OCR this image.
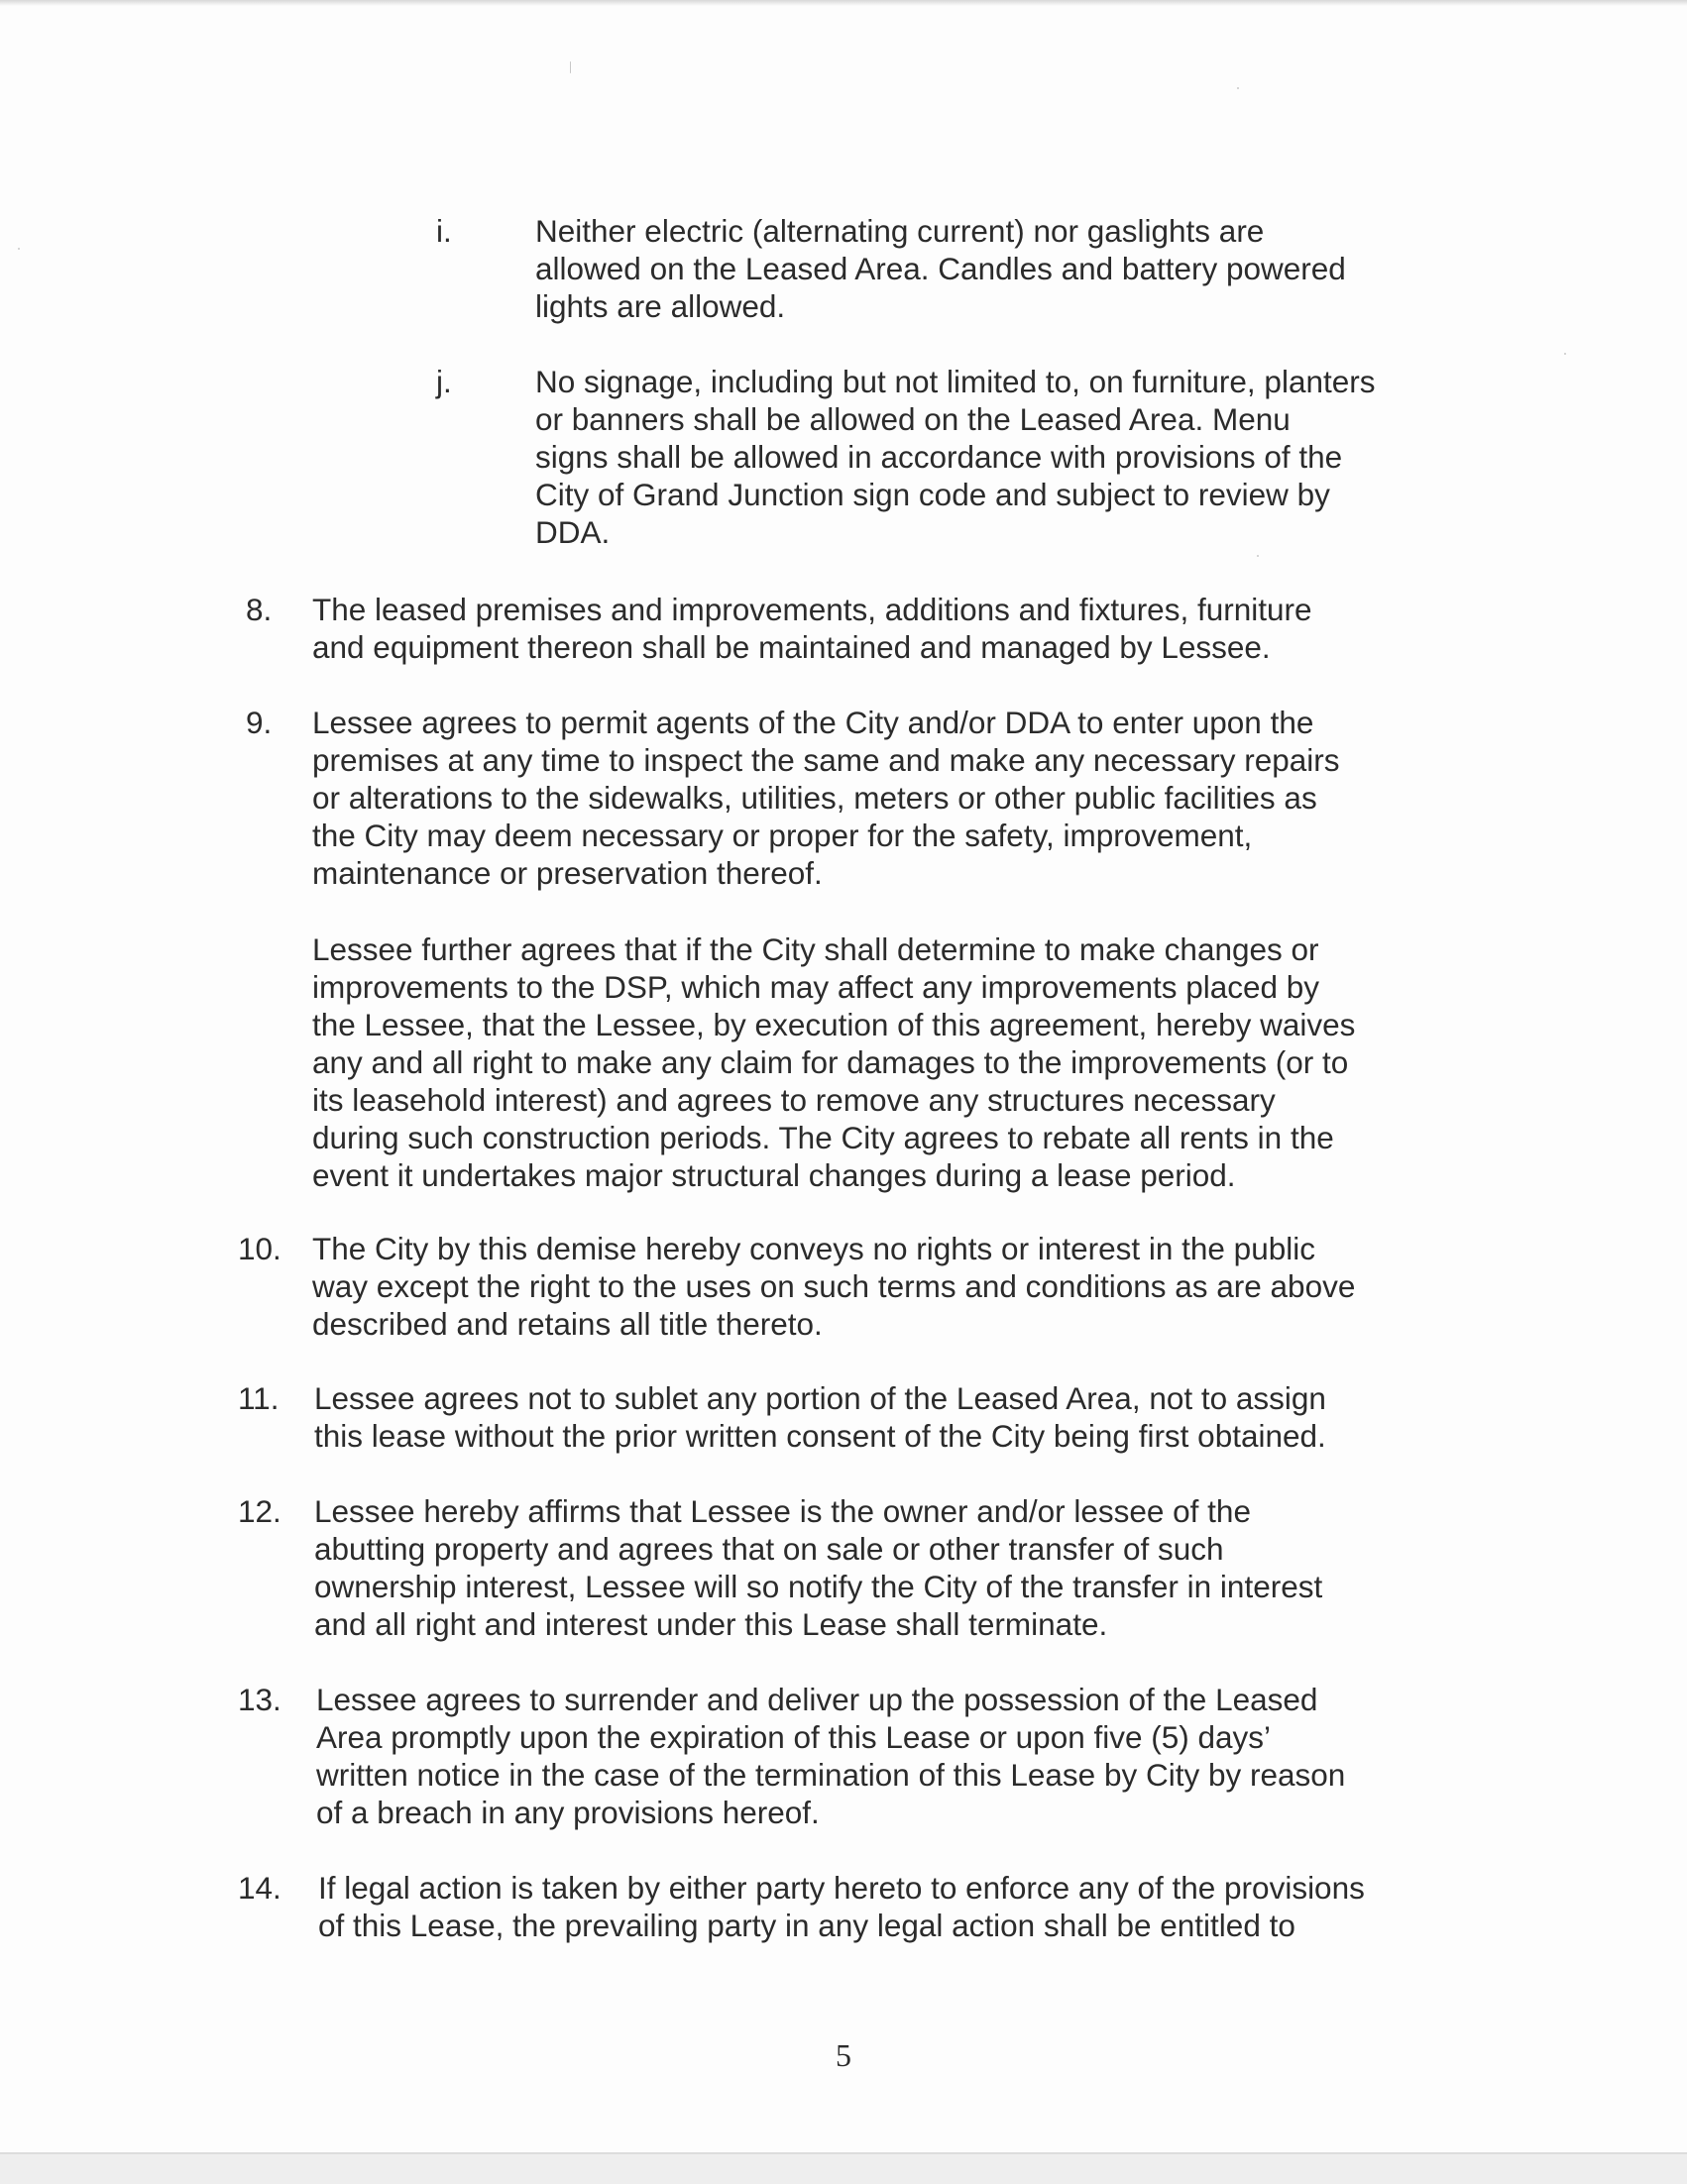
i.	Neither electric (alternating current) nor gaslights are
allowed on the Leased Area. Candles and battery powered
lights are allowed.
j.	No signage, including but not limited to, on furniture, planters
or banners shall be allowed on the Leased Area. Menu
signs shall be allowed in accordance with provisions of the
City of Grand Junction sign code and subject to review by
DDA.
8. The leased premises and improvements, additions and fixtures, furniture
and equipment thereon shall be maintained and managed by Lessee.
9. Lessee agrees to permit agents of the City and/or DDA to enter upon the
premises at any time to inspect the same and make any necessary repairs
or alterations to the sidewalks, utilities, meters or other public facilities as
the City may deem necessary or proper for the safety, improvement,
maintenance or preservation thereof.
Lessee further agrees that if the City shall determine to make changes or
improvements to the DSP, which may affect any improvements placed by
the Lessee, that the Lessee, by execution of this agreement, hereby waives
any and all right to make any claim for damages to the improvements (or to
its leasehold interest) and agrees to remove any structures necessary
during such construction periods. The City agrees to rebate all rents in the
event it undertakes major structural changes during a lease period.
10. The City by this demise hereby conveys no rights or interest in the public
way except the right to the uses on such terms and conditions as are above
described and retains all title thereto.
11. Lessee agrees not to sublet any portion of the Leased Area, not to assign
this lease without the prior written consent of the City being first obtained.
12. Lessee hereby affirms that Lessee is the owner and/or lessee of the
abutting property and agrees that on sale or other transfer of such
ownership interest, Lessee will so notify the City of the transfer in interest
and all right and interest under this Lease shall terminate.
13. Lessee agrees to surrender and deliver up the possession of the Leased
Area promptly upon the expiration of this Lease or upon five (5) days’
written notice in the case of the termination of this Lease by City by reason
of a breach in any provisions hereof.
14. If legal action is taken by either party hereto to enforce any of the provisions
of this Lease, the prevailing party in any legal action shall be entitled to
5
